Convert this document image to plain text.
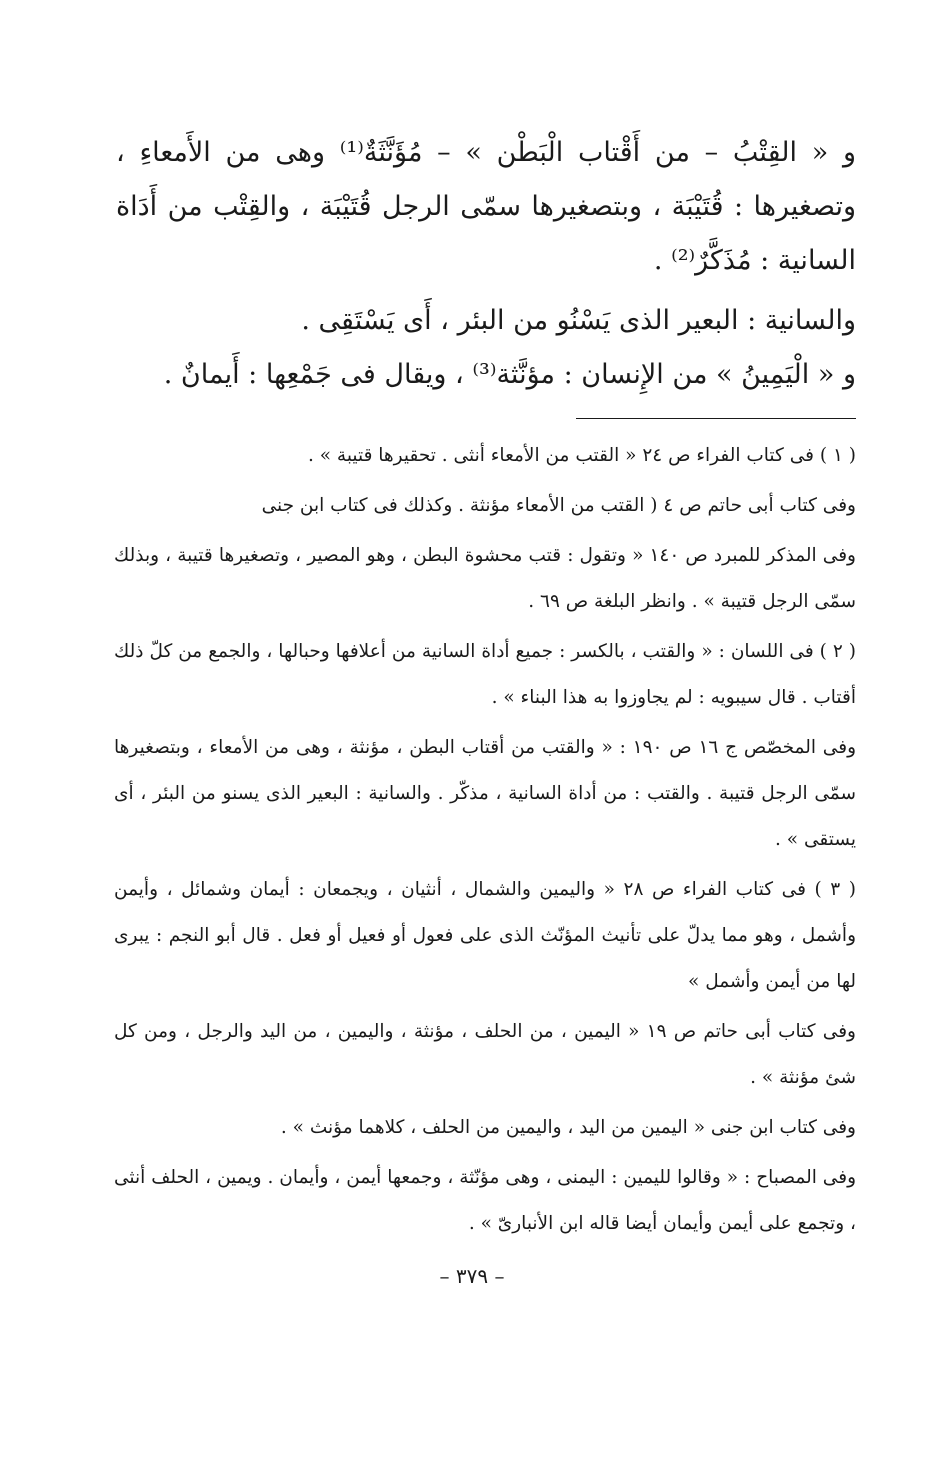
و « القِتْبُ – من أَقْتاب الْبَطْن » – مُؤَنَّثَةٌ⁽¹⁾ وهى من الأَمعاءِ ، وتصغيرها : قُتَيْبَة ، وبتصغيرها سمّى الرجل قُتَيْبَة ، والقِتْب من أَدَاة السانية : مُذَكَّرٌ⁽²⁾ .

والسانية : البعير الذى يَسْنُو من البئر ، أَى يَسْتَقِى .

و « الْيَمِينُ » من الإِنسان : مؤنَّثة⁽³⁾ ، ويقال فى جَمْعِها : أَيمانٌ .

( ١ ) فى كتاب الفراء ص ٢٤ « القتب من الأمعاء أنثى . تحقيرها قتيبة » .

وفى كتاب أبى حاتم ص ٤ ( القتب من الأمعاء مؤنثة . وكذلك فى كتاب ابن جنى

وفى المذكر للمبرد ص ١٤٠ « وتقول : قتب محشوة البطن ، وهو المصير ، وتصغيرها قتيبة ، وبذلك سمّى الرجل قتيبة » . وانظر البلغة ص ٦٩ .

( ٢ ) فى اللسان : « والقتب ، بالكسر : جميع أداة السانية من أعلافها وحبالها ، والجمع من كلّ ذلك أقتاب . قال سيبويه : لم يجاوزوا به هذا البناء » .

وفى المخصّص ج ١٦ ص ١٩٠ : « والقتب من أقتاب البطن ، مؤنثة ، وهى من الأمعاء ، وبتصغيرها سمّى الرجل قتيبة . والقتب : من أداة السانية ، مذكّر . والسانية : البعير الذى يسنو من البئر ، أى يستقى » .

( ٣ ) فى كتاب الفراء ص ٢٨ « واليمين والشمال ، أنثيان ، ويجمعان : أيمان وشمائل ، وأيمن وأشمل ، وهو مما يدلّ على تأنيث المؤنّث الذى على فعول أو فعيل أو فعل . قال أبو النجم : يبرى لها من أيمن وأشمل »

وفى كتاب أبى حاتم ص ١٩ « اليمين ، من الحلف ، مؤنثة ، واليمين ، من اليد والرجل ، ومن كل شئ مؤنثة » .

وفى كتاب ابن جنى « اليمين من اليد ، واليمين من الحلف ، كلاهما مؤنث » .

وفى المصباح : « وقالوا لليمين : اليمنى ، وهى مؤنّثة ، وجمعها أيمن ، وأيمان . ويمين ، الحلف أنثى ، وتجمع على أيمن وأيمان أيضا قاله ابن الأنبارىّ » .

– ٣٧٩ –
